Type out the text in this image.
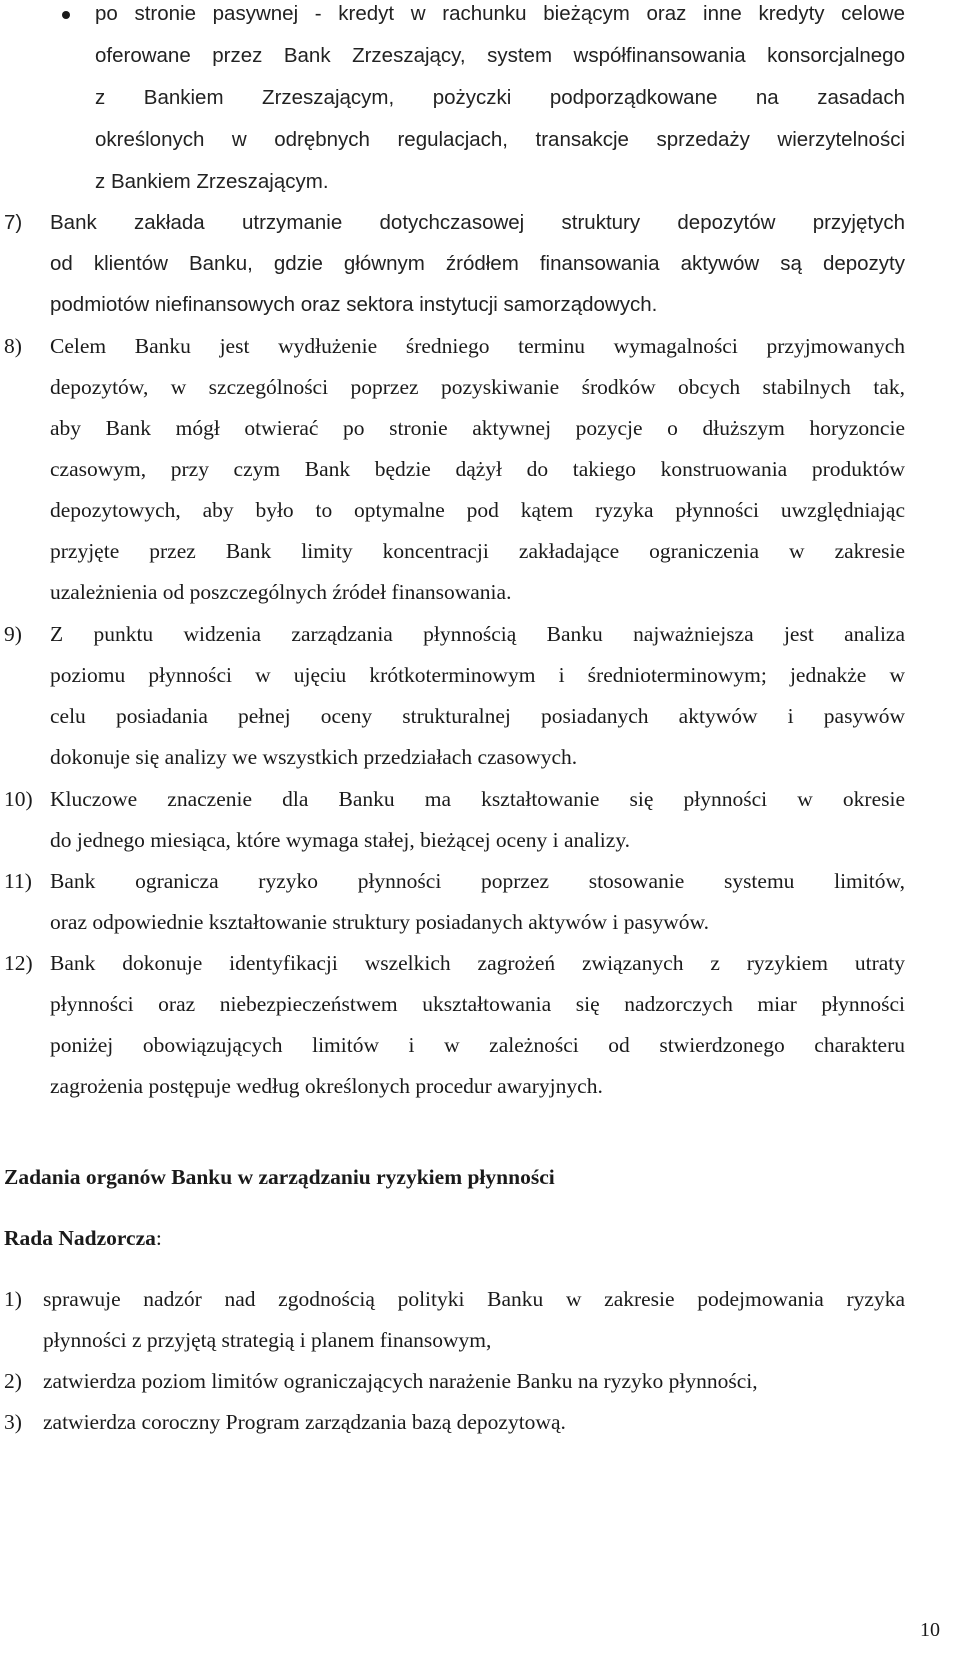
po stronie pasywnej - kredyt w rachunku bieżącym oraz inne kredyty celowe
oferowane przez Bank Zrzeszający, system współfinansowania konsorcjalnego
z Bankiem Zrzeszającym, pożyczki podporządkowane na zasadach
określonych w odrębnych regulacjach, transakcje sprzedaży wierzytelności
z Bankiem Zrzeszającym.
7) Bank zakłada utrzymanie dotychczasowej struktury depozytów przyjętych
od klientów Banku, gdzie głównym źródłem finansowania aktywów są depozyty
podmiotów niefinansowych oraz sektora instytucji samorządowych.
8) Celem Banku jest wydłużenie średniego terminu wymagalności przyjmowanych
depozytów, w szczególności poprzez pozyskiwanie środków obcych stabilnych tak,
aby Bank mógł otwierać po stronie aktywnej pozycje o dłuższym horyzoncie
czasowym, przy czym Bank będzie dążył do takiego konstruowania produktów
depozytowych, aby było to optymalne pod kątem ryzyka płynności uwzględniając
przyjęte przez Bank limity koncentracji zakładające ograniczenia w zakresie
uzależnienia od poszczególnych źródeł finansowania.
9) Z punktu widzenia zarządzania płynnością Banku najważniejsza jest analiza
poziomu płynności w ujęciu krótkoterminowym i średnioterminowym; jednakże w
celu posiadania pełnej oceny strukturalnej posiadanych aktywów i pasywów
dokonuje się analizy we wszystkich przedziałach czasowych.
10) Kluczowe znaczenie dla Banku ma kształtowanie się płynności w okresie
do jednego miesiąca, które wymaga stałej, bieżącej oceny i analizy.
11) Bank ogranicza ryzyko płynności poprzez stosowanie systemu limitów,
oraz odpowiednie kształtowanie struktury posiadanych aktywów i pasywów.
12) Bank dokonuje identyfikacji wszelkich zagrożeń związanych z ryzykiem utraty
płynności oraz niebezpieczeństwem ukształtowania się nadzorczych miar płynności
poniżej obowiązujących limitów i w zależności od stwierdzonego charakteru
zagrożenia postępuje według określonych procedur awaryjnych.
Zadania organów Banku w zarządzaniu ryzykiem płynności
Rada Nadzorcza:
1) sprawuje nadzór nad zgodnością polityki Banku w zakresie podejmowania ryzyka
płynności z przyjętą strategią i planem finansowym,
2) zatwierdza poziom limitów ograniczających narażenie Banku na ryzyko płynności,
3) zatwierdza coroczny Program zarządzania bazą depozytową.
10
